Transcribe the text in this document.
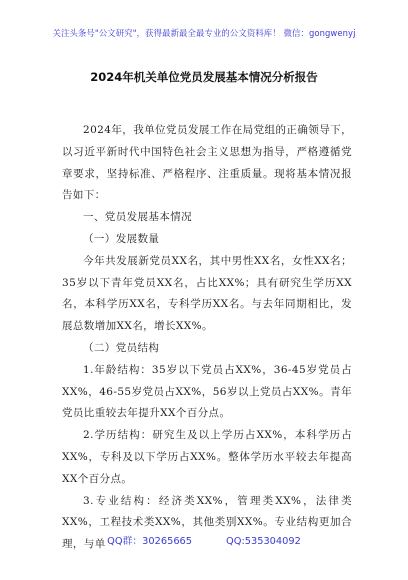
关注头条号"公文研究"，获得最新最全最专业的公文资料库！ 微信：gongwenyj
2024年机关单位党员发展基本情况分析报告

2024年，我单位党员发展工作在局党组的正确领导下，以习近平新时代中国特色社会主义思想为指导，严格遵循党章要求，坚持标准、严格程序、注重质量。现将基本情况报告如下：

一、党员发展基本情况

（一）发展数量

今年共发展新党员XX名，其中男性XX名，女性XX名；35岁以下青年党员XX名，占比XX%；具有研究生学历XX名，本科学历XX名，专科学历XX名。与去年同期相比，发展总数增加XX名，增长XX%。

（二）党员结构

1.年龄结构：35岁以下党员占XX%，36-45岁党员占XX%，46-55岁党员占XX%，56岁以上党员占XX%。青年党员比重较去年提升XX个百分点。

2.学历结构：研究生及以上学历占XX%，本科学历占XX%，专科及以下学历占XX%。整体学历水平较去年提高XX个百分点。

3.专业结构：经济类XX%，管理类XX%，法律类XX%，工程技术类XX%，其他类别XX%。专业结构更加合理，与单 QQ群：30265665	QQ:535304092
